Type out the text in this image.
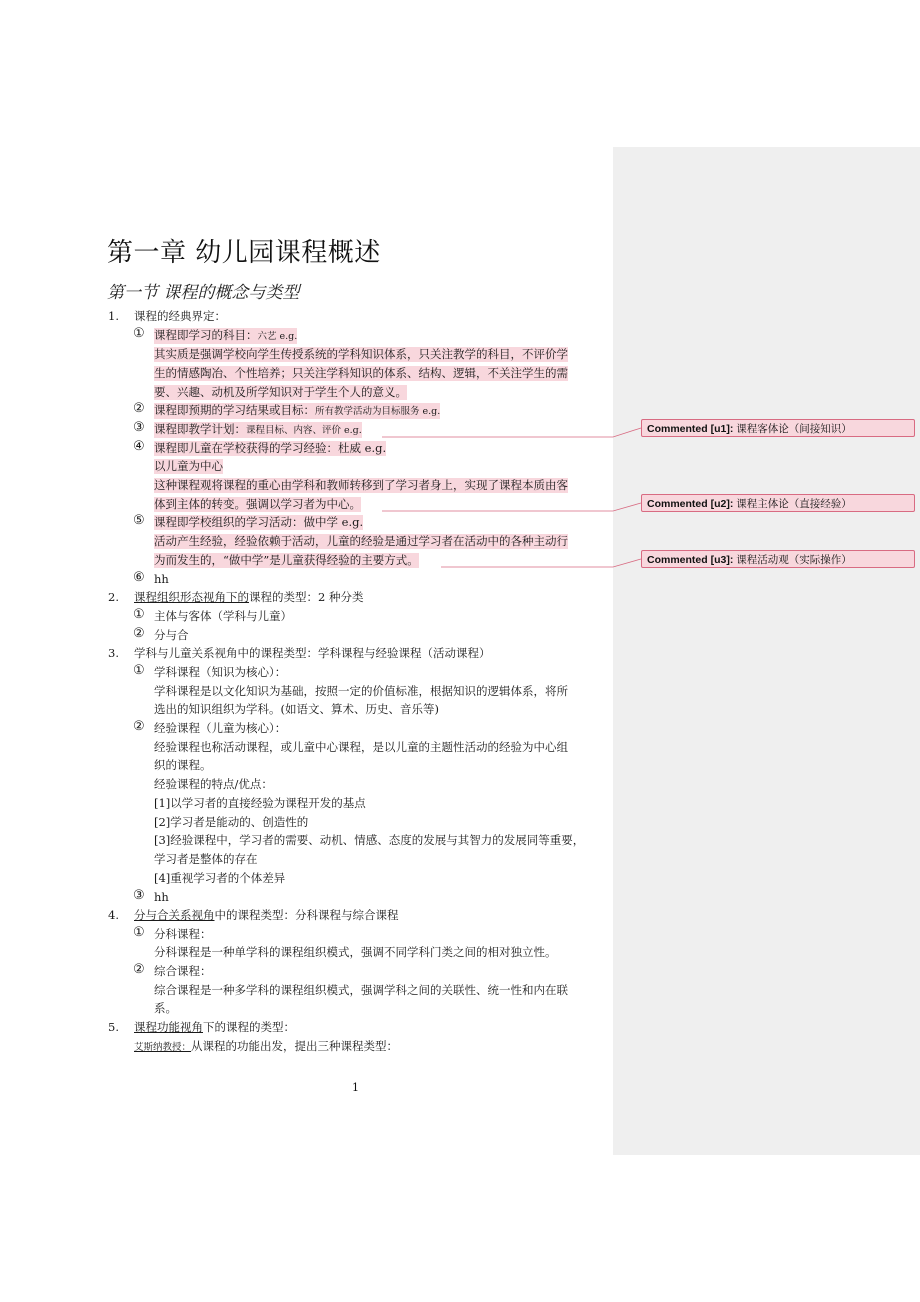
第一章 幼儿园课程概述
第一节 课程的概念与类型
1. 课程的经典界定：
① 课程即学习的科目：六艺 e.g.
其实质是强调学校向学生传授系统的学科知识体系，只关注教学的科目，不评价学
生的情感陶冶、个性培养；只关注学科知识的体系、结构、逻辑，不关注学生的需
要、兴趣、动机及所学知识对于学生个人的意义。
② 课程即预期的学习结果或目标：所有教学活动为目标服务 e.g.
③ 课程即教学计划：课程目标、内容、评价 e.g.
④ 课程即儿童在学校获得的学习经验：杜威 e.g.
以儿童为中心
这种课程观将课程的重心由学科和教师转移到了学习者身上，实现了课程本质由客
体到主体的转变。强调以学习者为中心。
⑤ 课程即学校组织的学习活动：做中学 e.g.
活动产生经验，经验依赖于活动，儿童的经验是通过学习者在活动中的各种主动行
为而发生的，“做中学”是儿童获得经验的主要方式。
⑥ hh
2. 课程组织形态视角下的课程的类型：2 种分类
① 主体与客体（学科与儿童）
② 分与合
3. 学科与儿童关系视角中的课程类型：学科课程与经验课程（活动课程）
① 学科课程（知识为核心）：
学科课程是以文化知识为基础，按照一定的价值标准，根据知识的逻辑体系，将所
选出的知识组织为学科。(如语文、算术、历史、音乐等)
② 经验课程（儿童为核心）：
经验课程也称活动课程，或儿童中心课程，是以儿童的主题性活动的经验为中心组
织的课程。
经验课程的特点/优点：
[1]以学习者的直接经验为课程开发的基点
[2]学习者是能动的、创造性的
[3]经验课程中，学习者的需要、动机、情感、态度的发展与其智力的发展同等重要，
学习者是整体的存在
[4]重视学习者的个体差异
③ hh
4. 分与合关系视角中的课程类型：分科课程与综合课程
① 分科课程：
分科课程是一种单学科的课程组织模式，强调不同学科门类之间的相对独立性。
② 综合课程：
综合课程是一种多学科的课程组织模式，强调学科之间的关联性、统一性和内在联
系。
5. 课程功能视角下的课程的类型：
艾斯纳教授：从课程的功能出发，提出三种课程类型：
1
Commented [u1]: 课程客体论（间接知识）
Commented [u2]: 课程主体论（直接经验）
Commented [u3]: 课程活动观（实际操作）
